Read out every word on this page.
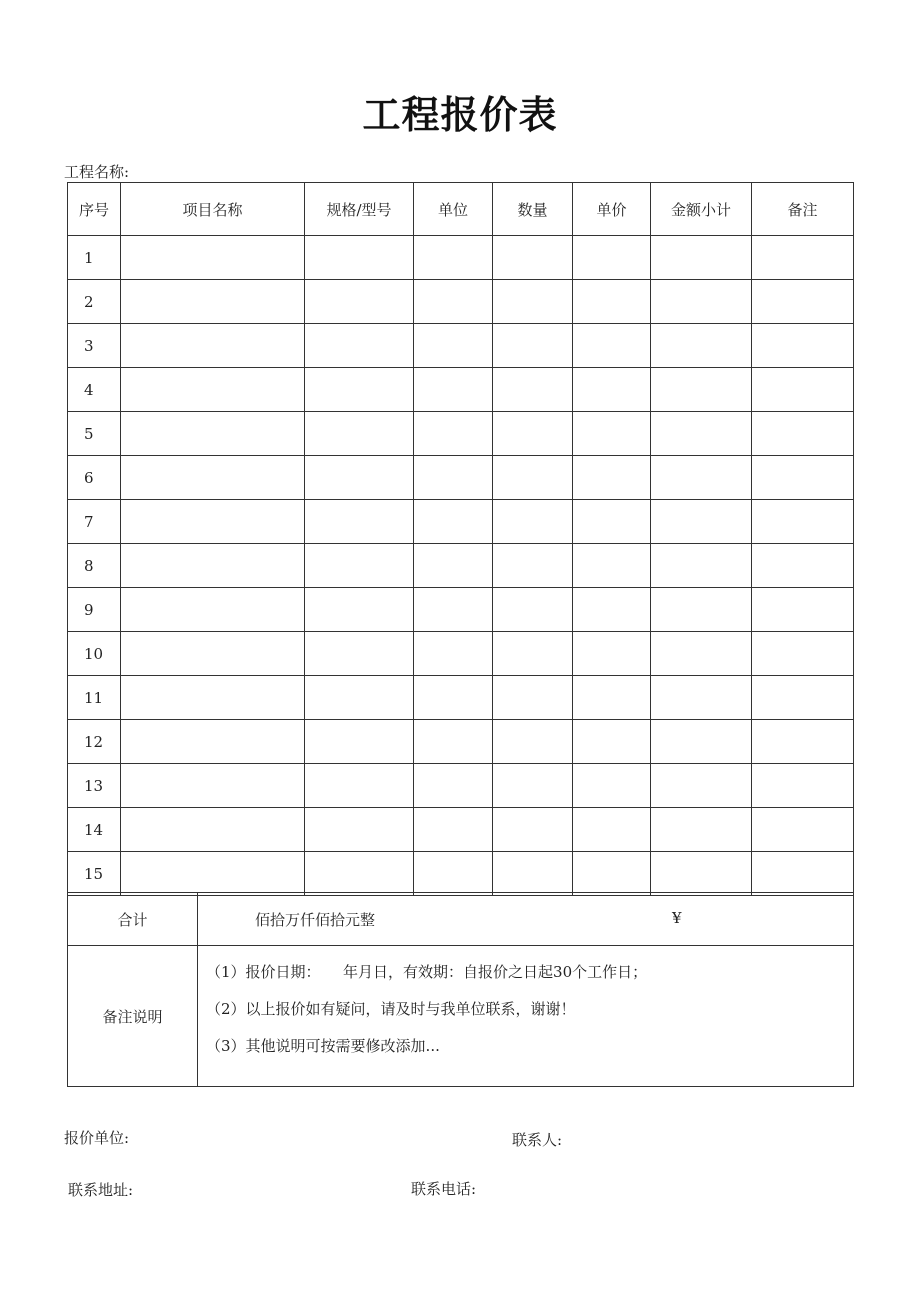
工程报价表
工程名称:
序号	项目名称	规格/型号	单位	数量	单价	金额小计	备注
1							
2							
3							
4							
5							
6							
7							
8							
9							
10							
11							
12							
13							
14							
15							
合计	佰拾万仟佰拾元整 ¥

备注说明	（1）报价日期：　　年月日，有效期：自报价之日起30个工作日；
（2）以上报价如有疑问，请及时与我单位联系，谢谢！
（3）其他说明可按需要修改添加...
报价单位:	联系人:
联系地址:	联系电话:
